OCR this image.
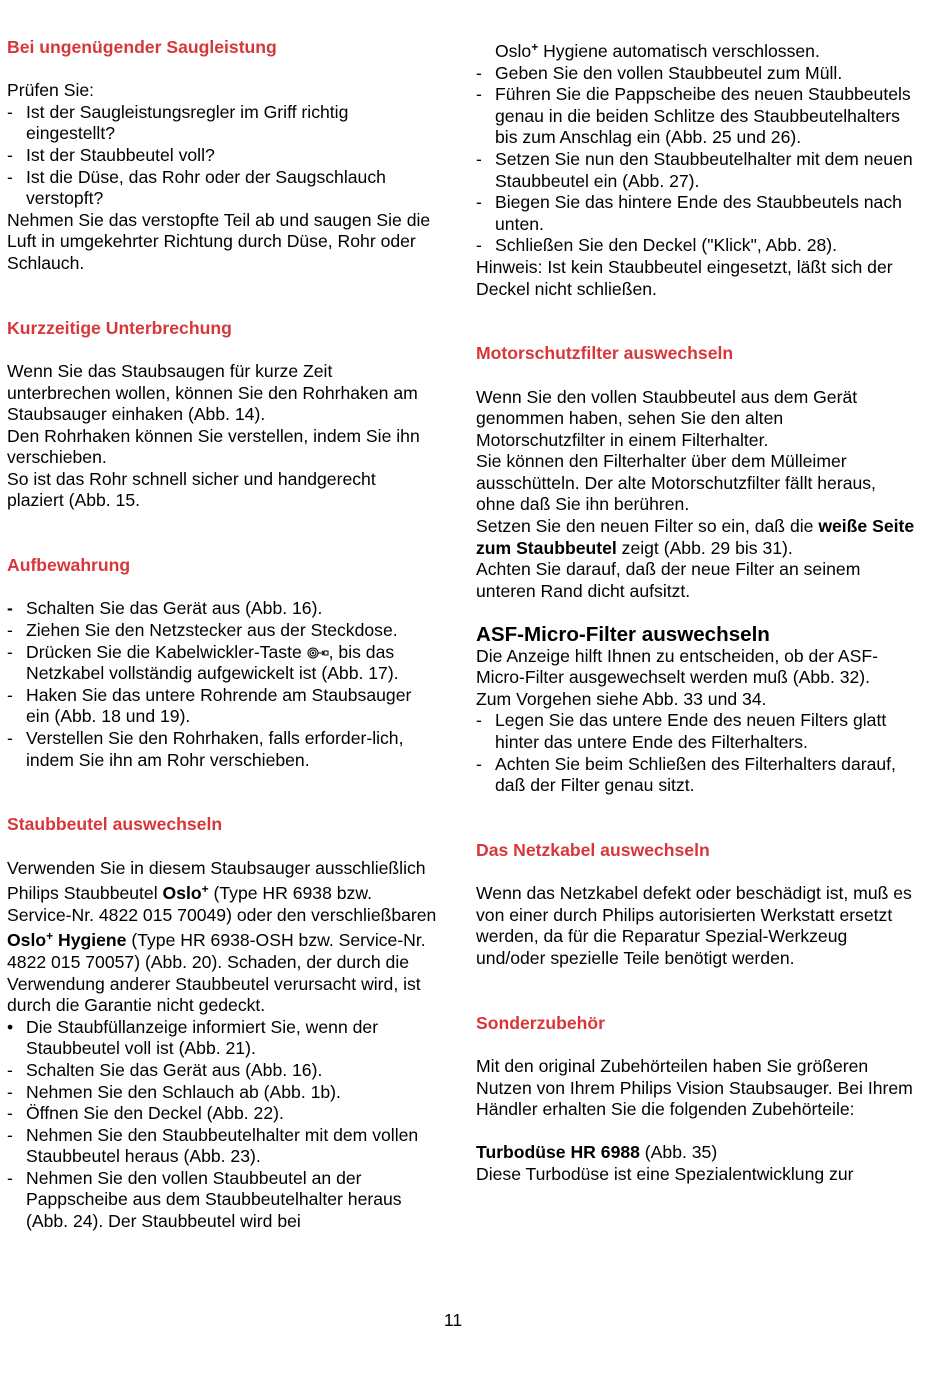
Bei ungenügender Saugleistung

Prüfen Sie:

- Ist der Saugleistungsregler im Griff richtig eingestellt?
- Ist der Staubbeutel voll?
- Ist die Düse, das Rohr oder der Saugschlauch verstopft?

Nehmen Sie das verstopfte Teil ab und saugen Sie die Luft in umgekehrter Richtung durch Düse, Rohr oder Schlauch.

Kurzzeitige Unterbrechung

Wenn Sie das Staubsaugen für kurze Zeit unterbrechen wollen, können Sie den Rohrhaken am Staubsauger einhaken (Abb. 14).

Den Rohrhaken können Sie verstellen, indem Sie ihn verschieben.

So ist das Rohr schnell sicher und handgerecht plaziert (Abb. 15.

Aufbewahrung
- Schalten Sie das Gerät aus (Abb. 16).
- Ziehen Sie den Netzstecker aus der Steckdose.
- Drücken Sie die Kabelwickler-Taste , bis das Netzkabel vollständig aufgewickelt ist (Abb. 17).
- Haken Sie das untere Rohrende am Staubsauger ein (Abb. 18 und 19).
- Verstellen Sie den Rohrhaken, falls erforder-lich, indem Sie ihn am Rohr verschieben.
Staubbeutel auswechseln

Verwenden Sie in diesem Staubsauger ausschließlich Philips Staubbeutel Oslo+ (Type HR 6938 bzw. Service-Nr. 4822 015 70049) oder den verschließbaren Oslo+ Hygiene (Type HR 6938-OSH bzw. Service-Nr. 4822 015 70057) (Abb. 20). Schaden, der durch die Verwendung anderer Staubbeutel verursacht wird, ist durch die Garantie nicht gedeckt.

• Die Staubfüllanzeige informiert Sie, wenn der Staubbeutel voll ist (Abb. 21).
- Schalten Sie das Gerät aus (Abb. 16).
- Nehmen Sie den Schlauch ab (Abb. 1b).
- Öffnen Sie den Deckel (Abb. 22).
- Nehmen Sie den Staubbeutelhalter mit dem vollen Staubbeutel heraus (Abb. 23).
- Nehmen Sie den vollen Staubbeutel an der Pappscheibe aus dem Staubbeutelhalter heraus (Abb. 24). Der Staubbeutel wird bei

Oslo+ Hygiene automatisch verschlossen.

- Geben Sie den vollen Staubbeutel zum Müll.
- Führen Sie die Pappscheibe des neuen Staubbeutels genau in die beiden Schlitze des Staubbeutelhalters bis zum Anschlag ein (Abb. 25 und 26).
- Setzen Sie nun den Staubbeutelhalter mit dem neuen Staubbeutel ein (Abb. 27).
- Biegen Sie das hintere Ende des Staubbeutels nach unten.
- Schließen Sie den Deckel ("Klick", Abb. 28).

Hinweis: Ist kein Staubbeutel eingesetzt, läßt sich der Deckel nicht schließen.

Motorschutzfilter auswechseln

Wenn Sie den vollen Staubbeutel aus dem Gerät genommen haben, sehen Sie den alten Motorschutzfilter in einem Filterhalter.

Sie können den Filterhalter über dem Mülleimer ausschütteln. Der alte Motorschutzfilter fällt heraus, ohne daß Sie ihn berühren.

Setzen Sie den neuen Filter so ein, daß die weiße Seite zum Staubbeutel zeigt (Abb. 29 bis 31).

Achten Sie darauf, daß der neue Filter an seinem unteren Rand dicht aufsitzt.

ASF-Micro-Filter auswechseln

Die Anzeige hilft Ihnen zu entscheiden, ob der ASF-Micro-Filter ausgewechselt werden muß (Abb. 32).

Zum Vorgehen siehe Abb. 33 und 34.

- Legen Sie das untere Ende des neuen Filters glatt hinter das untere Ende des Filterhalters.
- Achten Sie beim Schließen des Filterhalters darauf, daß der Filter genau sitzt.
Das Netzkabel auswechseln

Wenn das Netzkabel defekt oder beschädigt ist, muß es von einer durch Philips autorisierten Werkstatt ersetzt werden, da für die Reparatur Spezial-Werkzeug und/oder spezielle Teile benötigt werden.

Sonderzubehör

Mit den original Zubehörteilen haben Sie größeren Nutzen von Ihrem Philips Vision Staubsauger. Bei Ihrem Händler erhalten Sie die folgenden Zubehörteile:

Turbodüse HR 6988 (Abb. 35)

Diese Turbodüse ist eine Spezialentwicklung zur

11
